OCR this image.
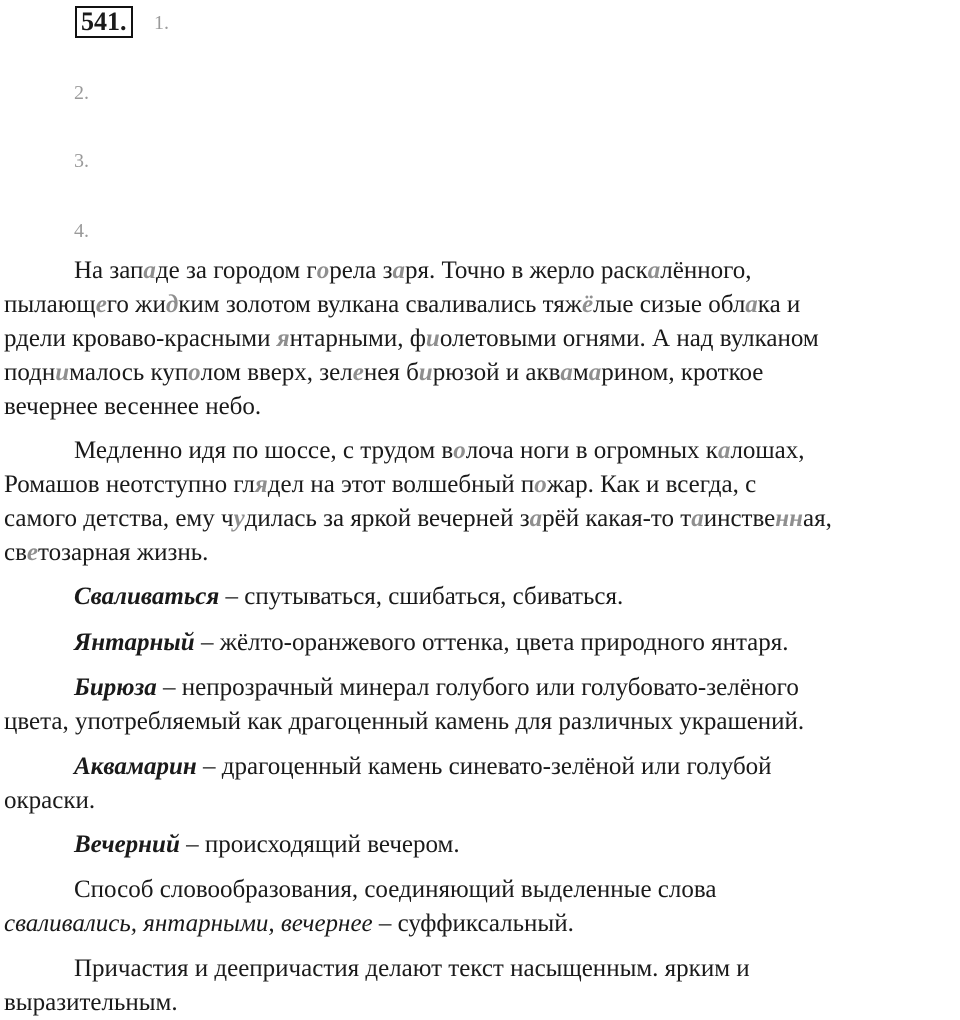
541.	1.
2.
3.
4.
На западе за городом горела заря. Точно в жерло раскалённого,
пылающего жидким золотом вулкана сваливались тяжёлые сизые облака и
рдели кроваво-красными янтарными, фиолетовыми огнями. А над вулканом
поднималось куполом вверх, зеленея бирюзой и аквамарином, кроткое
вечернее весеннее небо.
Медленно идя по шоссе, с трудом волоча ноги в огромных калошах,
Ромашов неотступно глядел на этот волшебный пожар. Как и всегда, с
самого детства, ему чудилась за яркой вечерней зарёй какая-то таинственная,
светозарная жизнь.
Сваливаться – спутываться, сшибаться, сбиваться.
Янтарный – жёлто-оранжевого оттенка, цвета природного янтаря.
Бирюза – непрозрачный минерал голубого или голубовато-зелёного
цвета, употребляемый как драгоценный камень для различных украшений.
Аквамарин – драгоценный камень синевато-зелёной или голубой
окраски.
Вечерний – происходящий вечером.
Способ словообразования, соединяющий выделенные слова
сваливались, янтарными, вечернее – суффиксальный.
Причастия и деепричастия делают текст насыщенным. ярким и
выразительным.
